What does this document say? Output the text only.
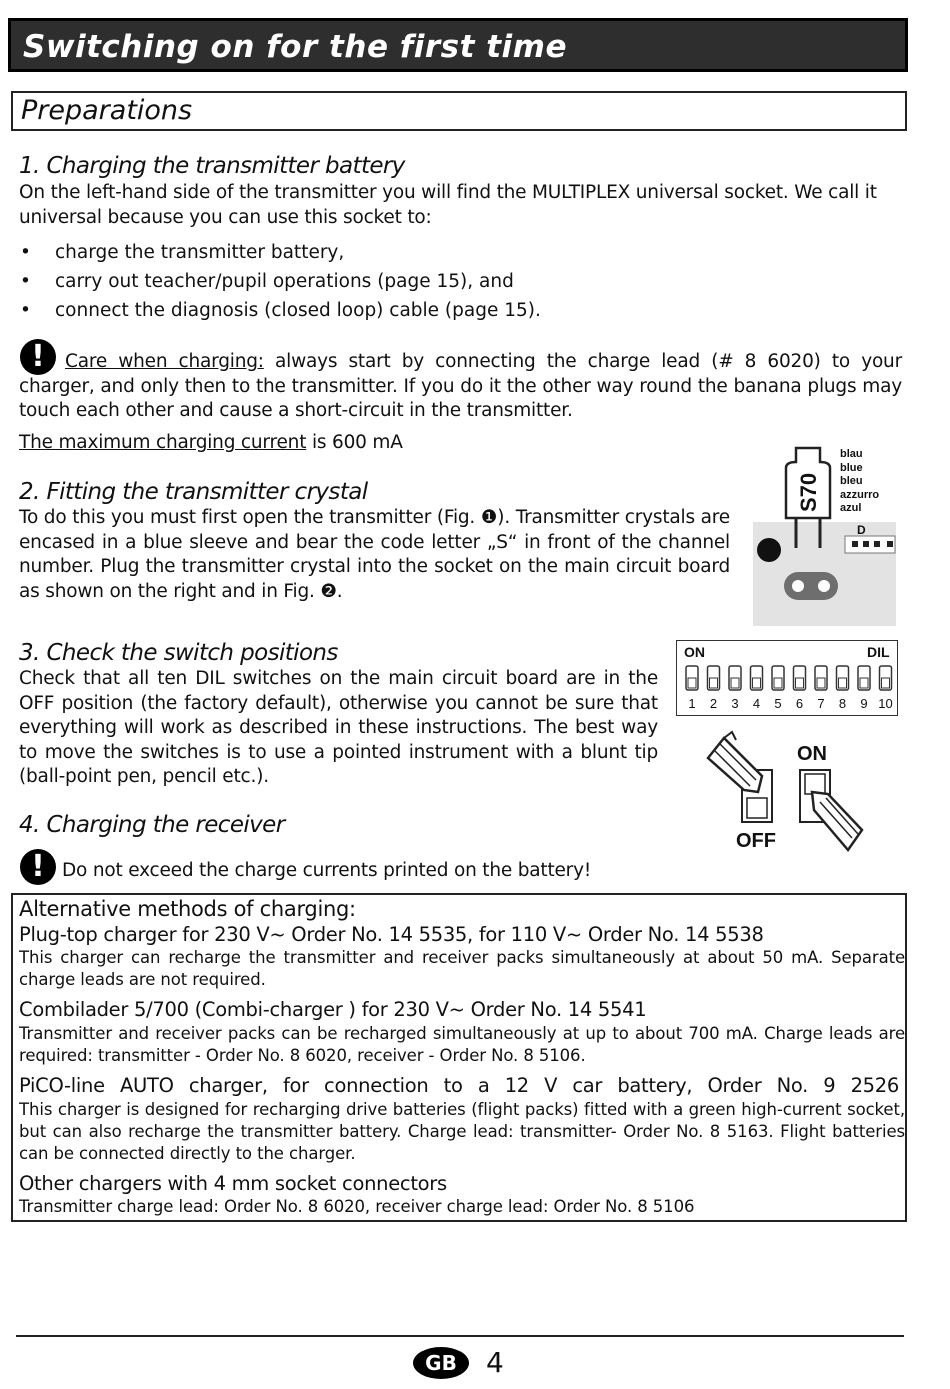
Switching on for the first time
Preparations
1. Charging the transmitter battery
On the left-hand side of the transmitter you will find the MULTIPLEX universal socket. We call it universal because you can use this socket to:
• charge the transmitter battery,
• carry out teacher/pupil operations (page 15), and
• connect the diagnosis (closed loop) cable (page 15).
!	Care when charging: always start by connecting the charge lead (# 8 6020) to your charger, and only then to the transmitter. If you do it the other way round the banana plugs may touch each other and cause a short-circuit in the transmitter.
The maximum charging current is 600 mA
2. Fitting the transmitter crystal
To do this you must first open the transmitter (Fig. ❶). Transmitter crystals are encased in a blue sleeve and bear the code letter „S“ in front of the channel number. Plug the transmitter crystal into the socket on the main circuit board as shown on the right and in Fig. ❷.
S70
D
blau
blue
bleu
azzurro
azul
3. Check the switch positions
Check that all ten DIL switches on the main circuit board are in the OFF position (the factory default), otherwise you cannot be sure that everything will work as described in these instructions. The best way to move the switches is to use a pointed instrument with a blunt tip (ball-point pen, pencil etc.).
ON	DIL
1 2 3 4 5 6 7 8 9 10
ON
OFF
4. Charging the receiver
! Do not exceed the charge currents printed on the battery!
Alternative methods of charging:
Plug-top charger for 230 V~ Order No. 14 5535, for 110 V~ Order No. 14 5538
This charger can recharge the transmitter and receiver packs simultaneously at about 50 mA. Separate charge leads are not required.
Combilader 5/700 (Combi-charger ) for 230 V~ Order No. 14 5541
Transmitter and receiver packs can be recharged simultaneously at up to about 700 mA. Charge leads are required: transmitter - Order No. 8 6020, receiver - Order No. 8 5106.
PiCO-line AUTO charger, for connection to a 12 V car battery, Order No. 9 2526
This charger is designed for recharging drive batteries (flight packs) fitted with a green high-current socket, but can also recharge the transmitter battery. Charge lead: transmitter- Order No. 8 5163. Flight batteries can be connected directly to the charger.
Other chargers with 4 mm socket connectors
Transmitter charge lead: Order No. 8 6020, receiver charge lead: Order No. 8 5106
GB	4
